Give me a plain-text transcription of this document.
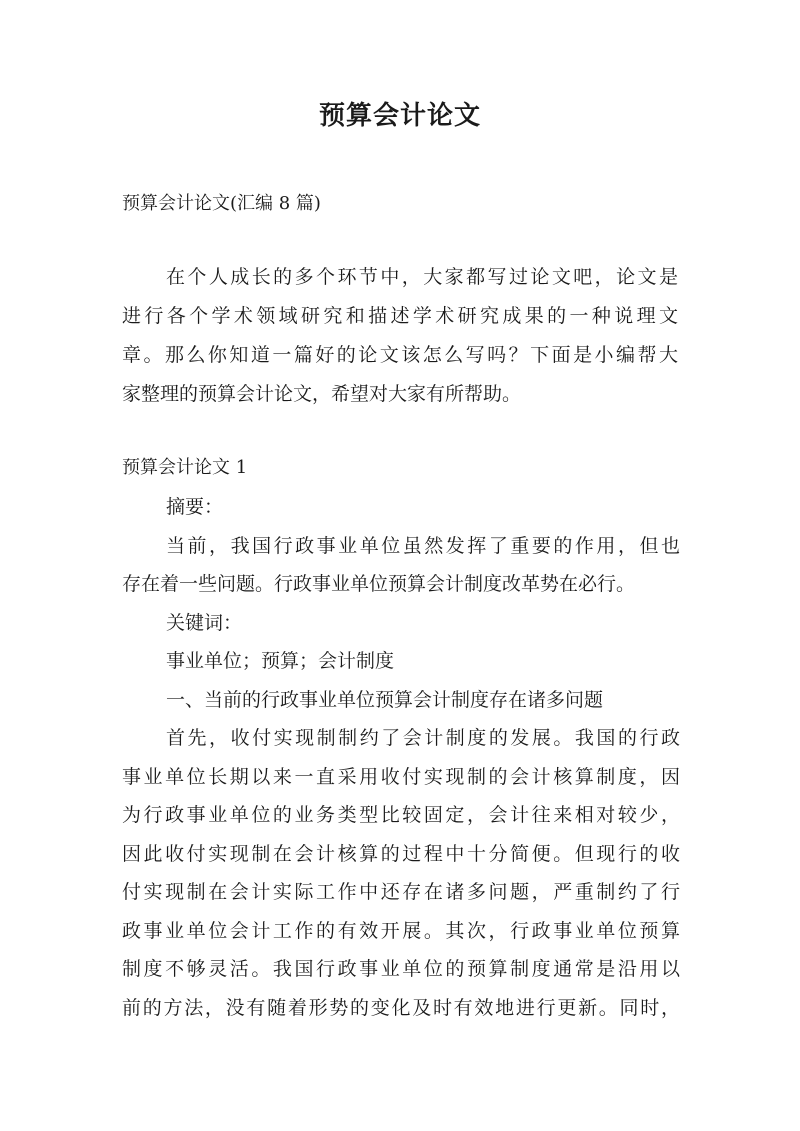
预算会计论文

预算会计论文(汇编 8 篇)

在个人成长的多个环节中，大家都写过论文吧，论文是
进行各个学术领域研究和描述学术研究成果的一种说理文
章。那么你知道一篇好的论文该怎么写吗？下面是小编帮大
家整理的预算会计论文，希望对大家有所帮助。

预算会计论文 1

摘要：
当前，我国行政事业单位虽然发挥了重要的作用，但也
存在着一些问题。行政事业单位预算会计制度改革势在必行。
关键词：
事业单位；预算；会计制度
一、当前的行政事业单位预算会计制度存在诸多问题
首先，收付实现制制约了会计制度的发展。我国的行政
事业单位长期以来一直采用收付实现制的会计核算制度，因
为行政事业单位的业务类型比较固定，会计往来相对较少，
因此收付实现制在会计核算的过程中十分简便。但现行的收
付实现制在会计实际工作中还存在诸多问题，严重制约了行
政事业单位会计工作的有效开展。其次，行政事业单位预算
制度不够灵活。我国行政事业单位的预算制度通常是沿用以
前的方法，没有随着形势的变化及时有效地进行更新。同时，
